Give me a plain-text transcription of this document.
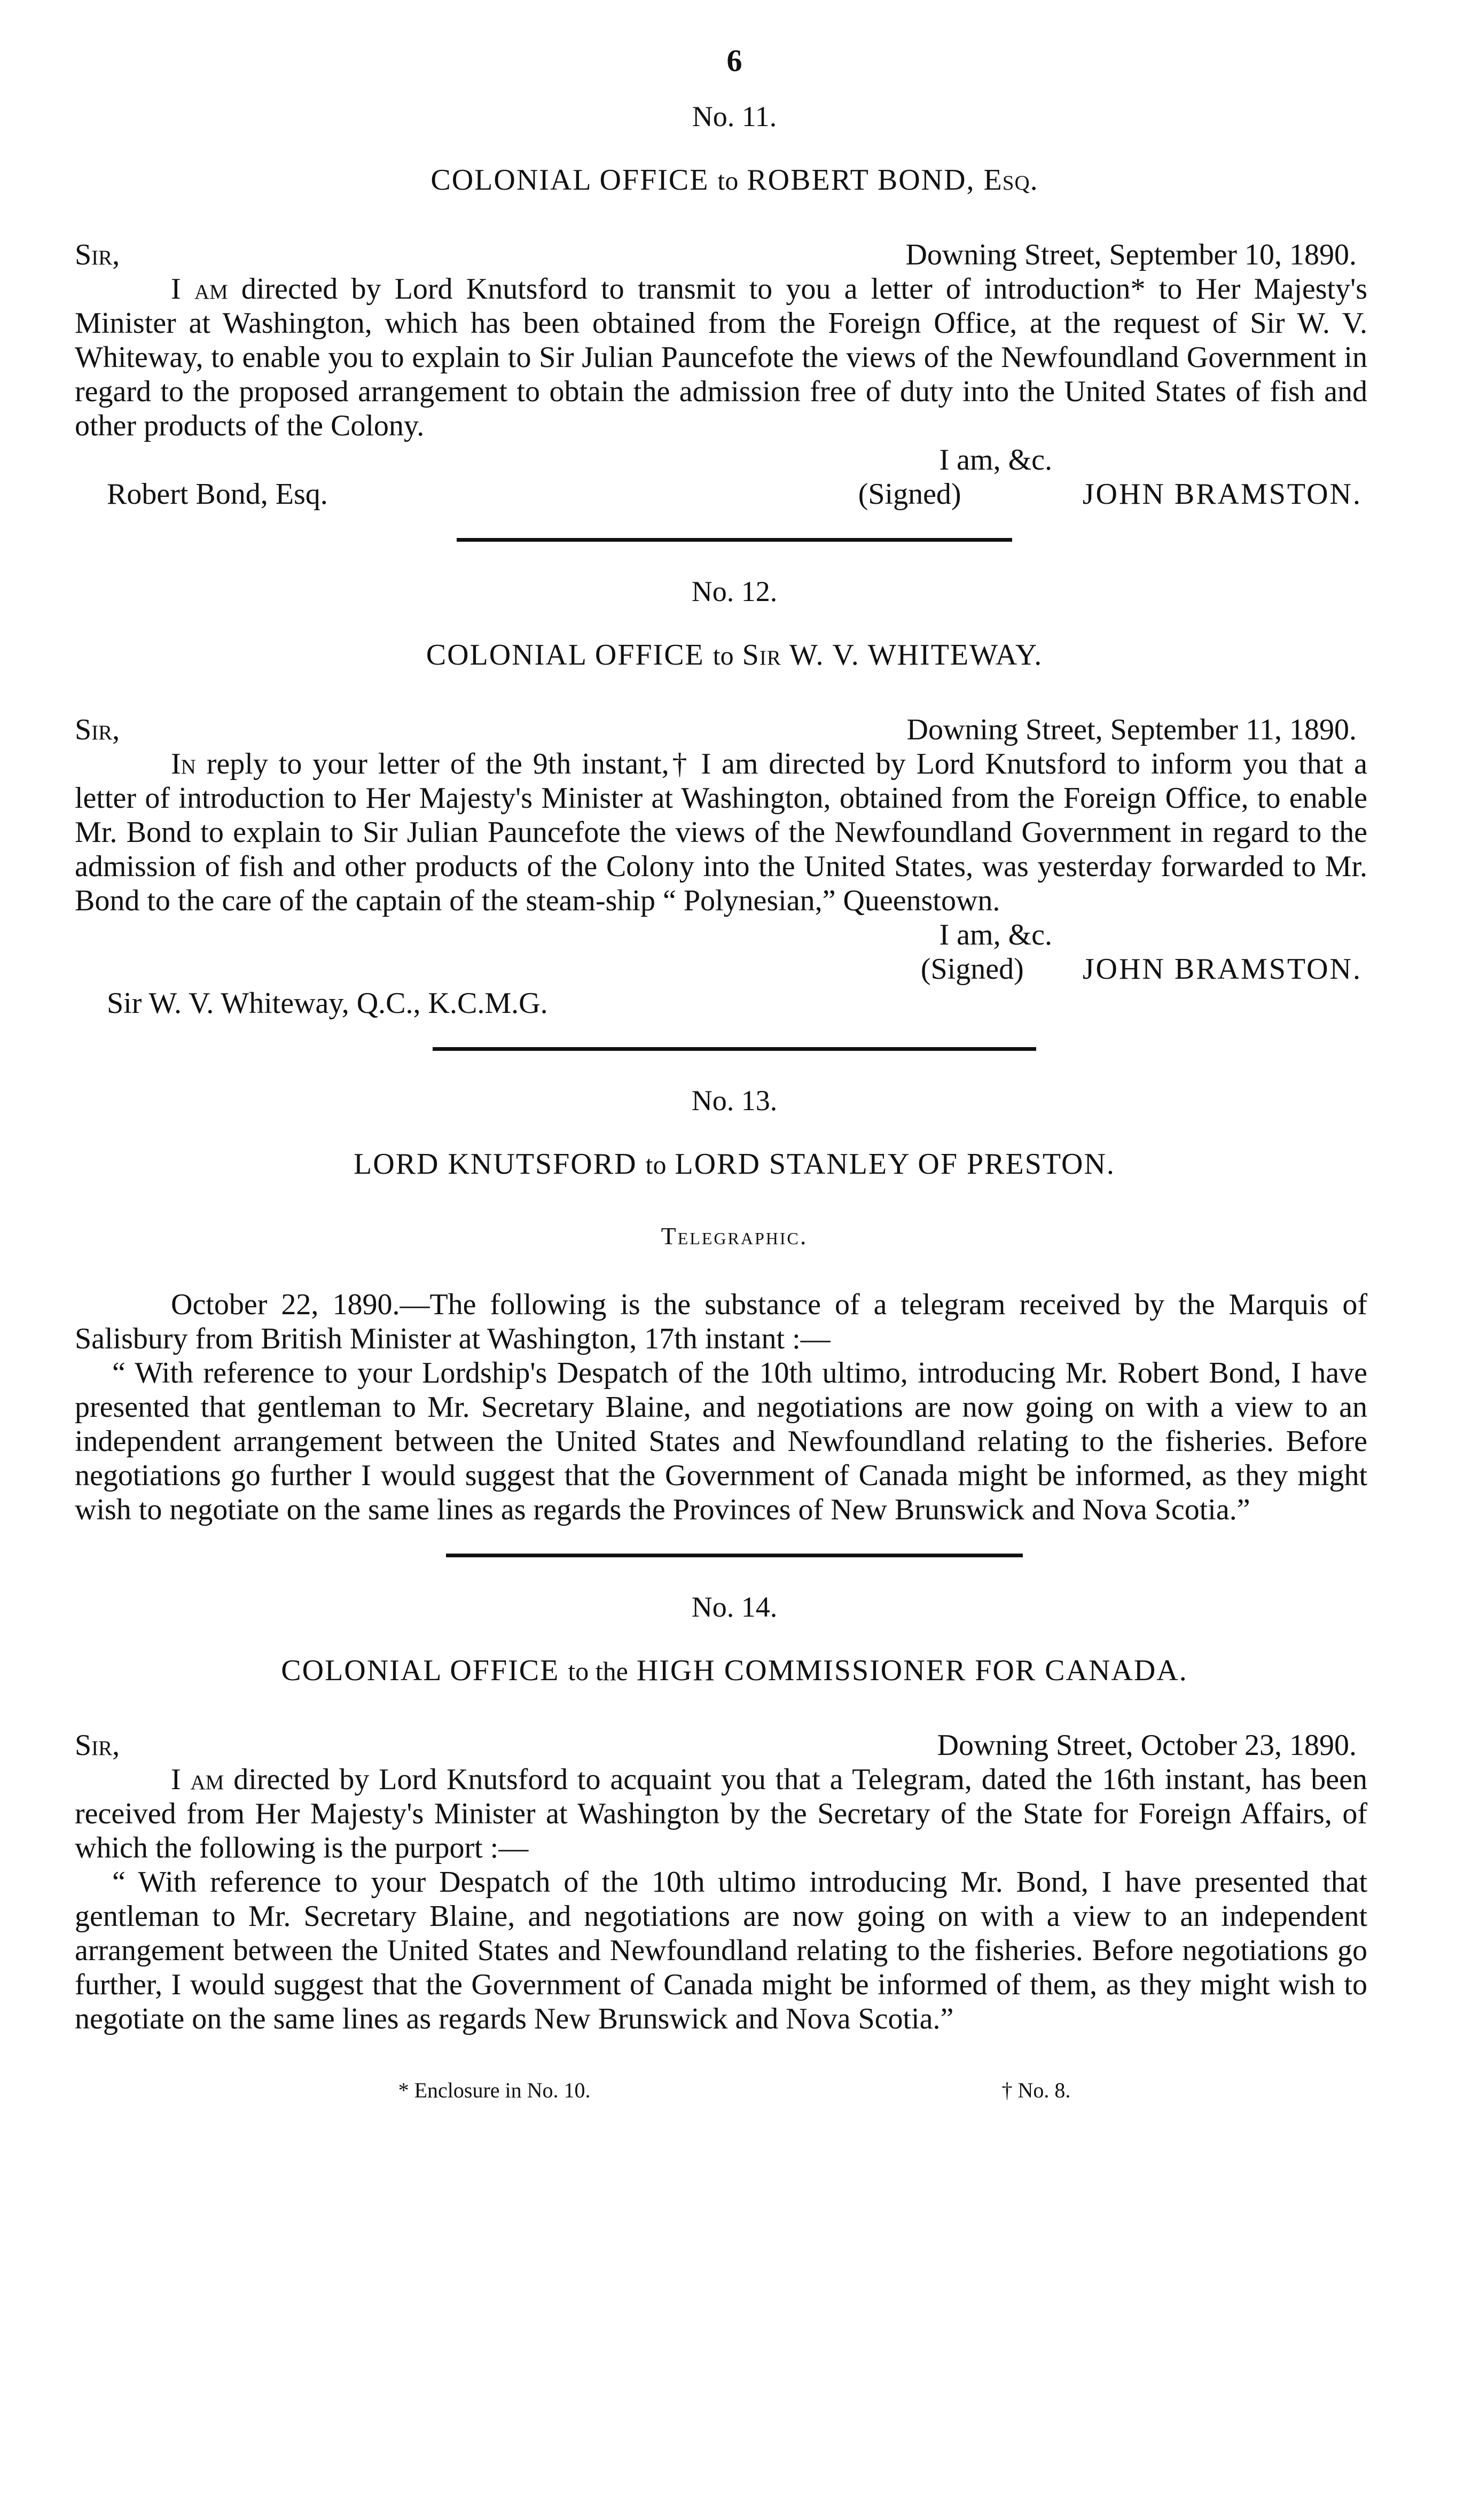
6
No. 11.
COLONIAL OFFICE to ROBERT BOND, Esq.
Sir,	Downing Street, September 10, 1890.

I am directed by Lord Knutsford to transmit to you a letter of introduction* to Her Majesty's Minister at Washington, which has been obtained from the Foreign Office, at the request of Sir W. V. Whiteway, to enable you to explain to Sir Julian Pauncefote the views of the Newfoundland Government in regard to the proposed arrangement to obtain the admission free of duty into the United States of fish and other products of the Colony.

I am, &c.

Robert Bond, Esq.	(Signed)	JOHN BRAMSTON.
No. 12.
COLONIAL OFFICE to Sir W. V. WHITEWAY.
Sir,	Downing Street, September 11, 1890.

In reply to your letter of the 9th instant,† I am directed by Lord Knutsford to inform you that a letter of introduction to Her Majesty's Minister at Washington, obtained from the Foreign Office, to enable Mr. Bond to explain to Sir Julian Pauncefote the views of the Newfoundland Government in regard to the admission of fish and other products of the Colony into the United States, was yesterday forwarded to Mr. Bond to the care of the captain of the steam-ship “ Polynesian,” Queenstown.

I am, &c.

(Signed) JOHN BRAMSTON.
Sir W. V. Whiteway, Q.C., K.C.M.G.
No. 13.
LORD KNUTSFORD to LORD STANLEY OF PRESTON.
Telegraphic.

October 22, 1890.—The following is the substance of a telegram received by the Marquis of Salisbury from British Minister at Washington, 17th instant :—

“ With reference to your Lordship's Despatch of the 10th ultimo, introducing Mr. Robert Bond, I have presented that gentleman to Mr. Secretary Blaine, and negotiations are now going on with a view to an independent arrangement between the United States and Newfoundland relating to the fisheries. Before negotiations go further I would suggest that the Government of Canada might be informed, as they might wish to negotiate on the same lines as regards the Provinces of New Brunswick and Nova Scotia.”

No. 14.
COLONIAL OFFICE to the HIGH COMMISSIONER FOR CANADA.
Sir,	Downing Street, October 23, 1890.

I am directed by Lord Knutsford to acquaint you that a Telegram, dated the 16th instant, has been received from Her Majesty's Minister at Washington by the Secretary of the State for Foreign Affairs, of which the following is the purport :—

“ With reference to your Despatch of the 10th ultimo introducing Mr. Bond, I have presented that gentleman to Mr. Secretary Blaine, and negotiations are now going on with a view to an independent arrangement between the United States and Newfoundland relating to the fisheries. Before negotiations go further, I would suggest that the Government of Canada might be informed of them, as they might wish to negotiate on the same lines as regards New Brunswick and Nova Scotia.”

* Enclosure in No. 10.	† No. 8.
